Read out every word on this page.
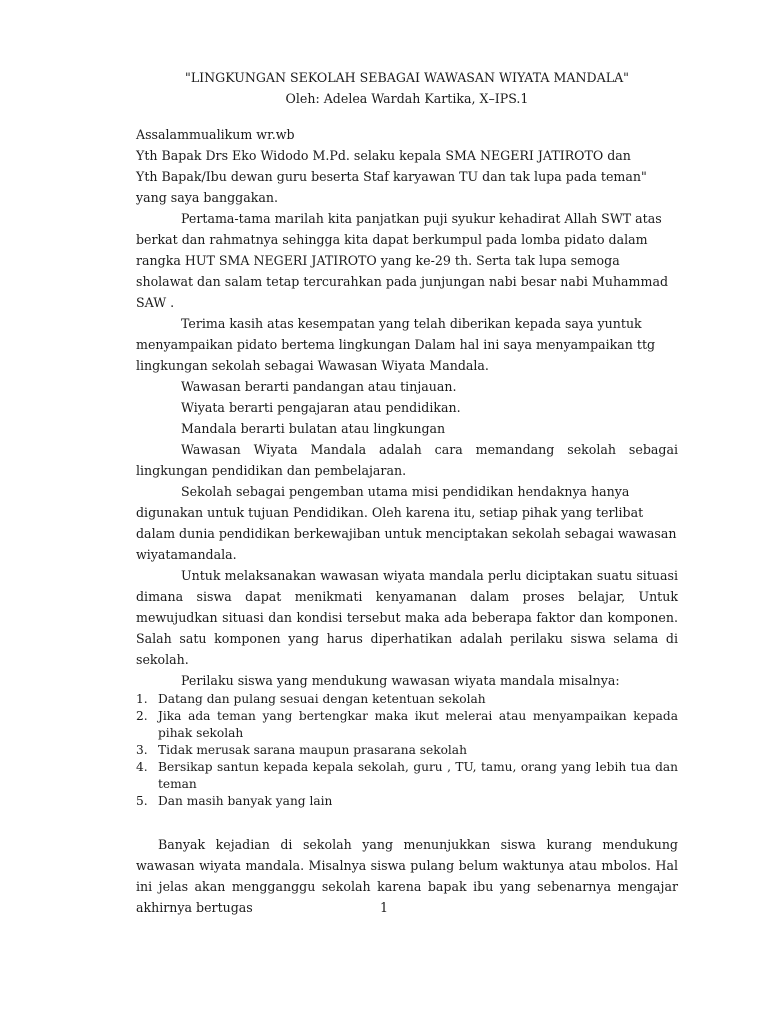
"LINGKUNGAN SEKOLAH SEBAGAI WAWASAN WIYATA MANDALA"

Oleh: Adelea Wardah Kartika, X–IPS.1

Assalammualikum wr.wb

Yth Bapak Drs Eko Widodo M.Pd. selaku kepala SMA NEGERI JATIROTO dan

Yth Bapak/Ibu dewan guru beserta Staf karyawan TU dan tak lupa pada teman" yang saya banggakan.

Pertama-tama marilah kita panjatkan puji syukur kehadirat Allah SWT atas berkat dan rahmatnya sehingga kita dapat berkumpul pada lomba pidato dalam rangka HUT SMA NEGERI JATIROTO yang ke-29 th. Serta tak lupa semoga sholawat dan salam tetap tercurahkan pada junjungan nabi besar nabi Muhammad SAW .

Terima kasih atas kesempatan yang telah diberikan kepada saya yuntuk menyampaikan pidato bertema lingkungan Dalam hal ini saya menyampaikan ttg lingkungan sekolah sebagai Wawasan Wiyata Mandala.

Wawasan berarti pandangan atau tinjauan.

Wiyata berarti pengajaran atau pendidikan.

Mandala berarti bulatan atau lingkungan

Wawasan Wiyata Mandala adalah cara memandang sekolah sebagai lingkungan pendidikan dan pembelajaran.

Sekolah sebagai pengemban utama misi pendidikan hendaknya hanya digunakan untuk tujuan Pendidikan. Oleh karena itu, setiap pihak yang terlibat dalam dunia pendidikan berkewajiban untuk menciptakan sekolah sebagai wawasan wiyatamandala.

Untuk melaksanakan wawasan wiyata mandala perlu diciptakan suatu situasi dimana siswa dapat menikmati kenyamanan dalam proses belajar, Untuk mewujudkan situasi dan kondisi tersebut maka ada beberapa faktor dan komponen. Salah satu komponen yang harus diperhatikan adalah perilaku siswa selama di sekolah.

Perilaku siswa yang mendukung wawasan wiyata mandala misalnya:

1. Datang dan pulang sesuai dengan ketentuan sekolah
2. Jika ada teman yang bertengkar maka ikut melerai atau menyampaikan kepada pihak sekolah
3. Tidak merusak sarana maupun prasarana sekolah
4. Bersikap santun kepada kepala sekolah, guru , TU, tamu, orang yang lebih tua dan teman
5. Dan masih banyak yang lain

Banyak kejadian di sekolah yang menunjukkan siswa kurang mendukung wawasan wiyata mandala. Misalnya siswa pulang belum waktunya atau mbolos. Hal ini jelas akan mengganggu sekolah karena bapak ibu yang sebenarnya mengajar akhirnya bertugas	1
